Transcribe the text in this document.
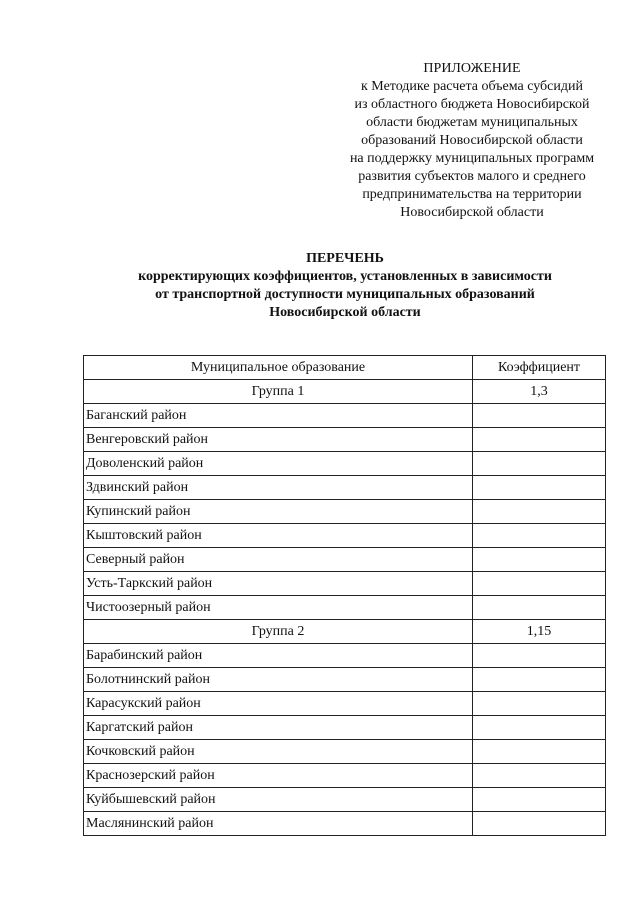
ПРИЛОЖЕНИЕ
к Методике расчета объема субсидий
из областного бюджета Новосибирской
области бюджетам муниципальных
образований Новосибирской области
на поддержку муниципальных программ
развития субъектов малого и среднего
предпринимательства на территории
Новосибирской области
ПЕРЕЧЕНЬ
корректирующих коэффициентов, установленных в зависимости
от транспортной доступности муниципальных образований
Новосибирской области
Муниципальное образование	Коэффициент
Группа 1	1,3
Баганский район	
Венгеровский район	
Доволенский район	
Здвинский район	
Купинский район	
Кыштовский район	
Северный район	
Усть-Таркский район	
Чистоозерный район	
Группа 2	1,15
Барабинский район	
Болотнинский район	
Карасукский район	
Каргатский район	
Кочковский район	
Краснозерский район	
Куйбышевский район	
Маслянинский район	
